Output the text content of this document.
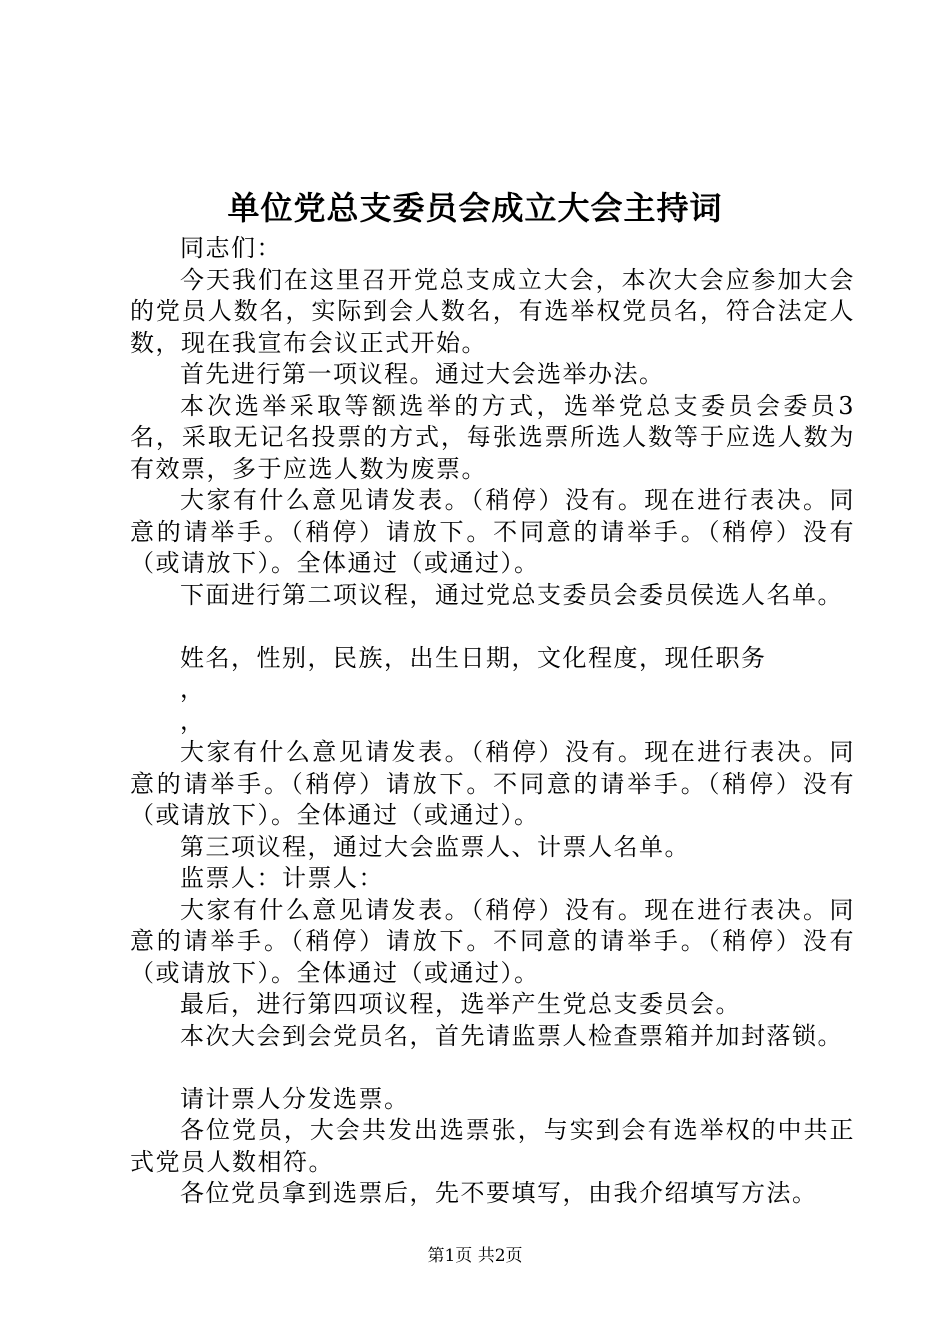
单位党总支委员会成立大会主持词

同志们：

今天我们在这里召开党总支成立大会，本次大会应参加大会的党员人数名，实际到会人数名，有选举权党员名，符合法定人数，现在我宣布会议正式开始。

首先进行第一项议程。通过大会选举办法。

本次选举采取等额选举的方式，选举党总支委员会委员3名，采取无记名投票的方式，每张选票所选人数等于应选人数为有效票，多于应选人数为废票。

大家有什么意见请发表。（稍停）没有。现在进行表决。同意的请举手。（稍停）请放下。不同意的请举手。（稍停）没有（或请放下）。全体通过（或通过）。

下面进行第二项议程，通过党总支委员会委员侯选人名单。

姓名，性别，民族，出生日期，文化程度，现任职务

，

，

大家有什么意见请发表。（稍停）没有。现在进行表决。同意的请举手。（稍停）请放下。不同意的请举手。（稍停）没有（或请放下）。全体通过（或通过）。

第三项议程，通过大会监票人、计票人名单。

监票人：计票人：

大家有什么意见请发表。（稍停）没有。现在进行表决。同意的请举手。（稍停）请放下。不同意的请举手。（稍停）没有（或请放下）。全体通过（或通过）。

最后，进行第四项议程，选举产生党总支委员会。

本次大会到会党员名，首先请监票人检查票箱并加封落锁。

请计票人分发选票。

各位党员，大会共发出选票张，与实到会有选举权的中共正式党员人数相符。

各位党员拿到选票后，先不要填写，由我介绍填写方法。

第1页 共2页
